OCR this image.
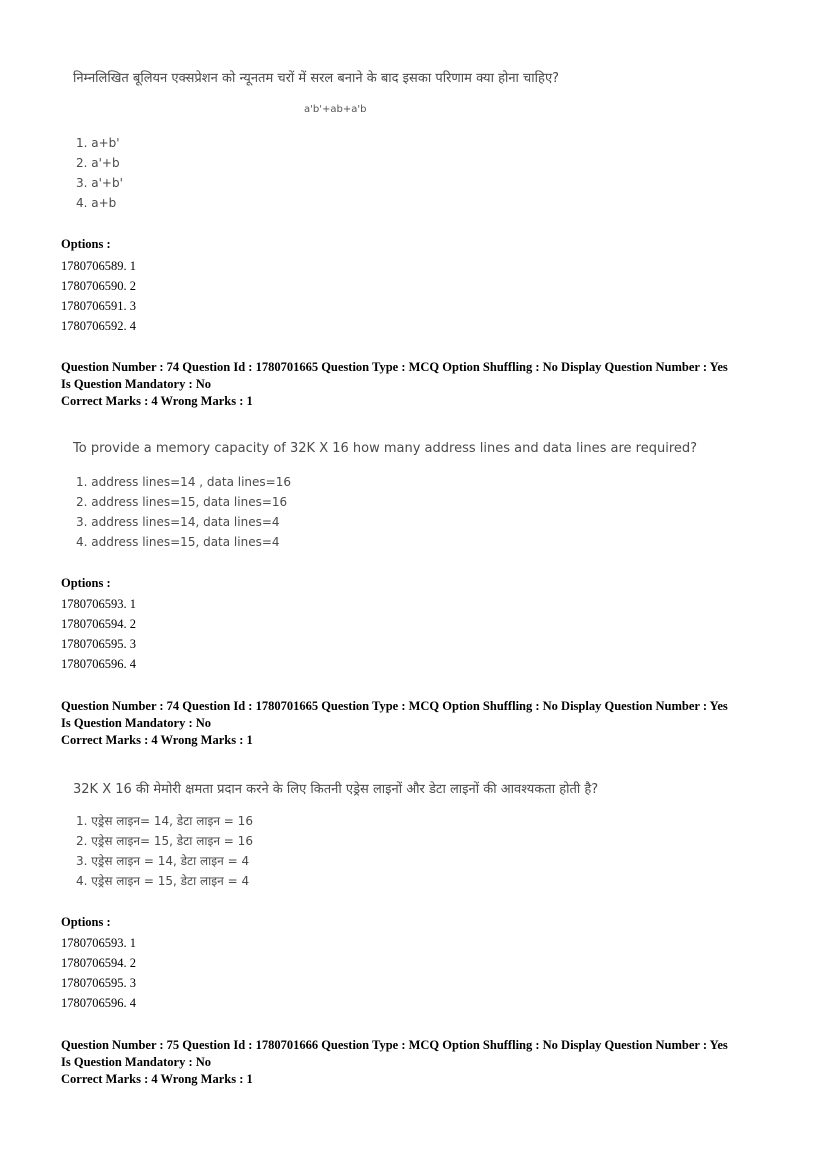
निम्नलिखित बूलियन एक्सप्रेशन को न्यूनतम चरों में सरल बनाने के बाद इसका परिणाम क्या होना चाहिए?
a'b'+ab+a'b
1. a+b'
2. a'+b
3. a'+b'
4. a+b
Options :
1780706589. 1
1780706590. 2
1780706591. 3
1780706592. 4
Question Number : 74 Question Id : 1780701665 Question Type : MCQ Option Shuffling : No Display Question Number : Yes
Is Question Mandatory : No
Correct Marks : 4 Wrong Marks : 1
To provide a memory capacity of 32K X 16 how many address lines and data lines are required?
1. address lines=14 , data lines=16
2. address lines=15, data lines=16
3. address lines=14, data lines=4
4. address lines=15, data lines=4
Options :
1780706593. 1
1780706594. 2
1780706595. 3
1780706596. 4
Question Number : 74 Question Id : 1780701665 Question Type : MCQ Option Shuffling : No Display Question Number : Yes
Is Question Mandatory : No
Correct Marks : 4 Wrong Marks : 1
32K X 16 की मेमोरी क्षमता प्रदान करने के लिए कितनी एड्रेस लाइनों और डेटा लाइनों की आवश्यकता होती है?
1. एड्रेस लाइन= 14, डेटा लाइन = 16
2. एड्रेस लाइन= 15, डेटा लाइन = 16
3. एड्रेस लाइन = 14, डेटा लाइन = 4
4. एड्रेस लाइन = 15, डेटा लाइन = 4
Options :
1780706593. 1
1780706594. 2
1780706595. 3
1780706596. 4
Question Number : 75 Question Id : 1780701666 Question Type : MCQ Option Shuffling : No Display Question Number : Yes
Is Question Mandatory : No
Correct Marks : 4 Wrong Marks : 1
